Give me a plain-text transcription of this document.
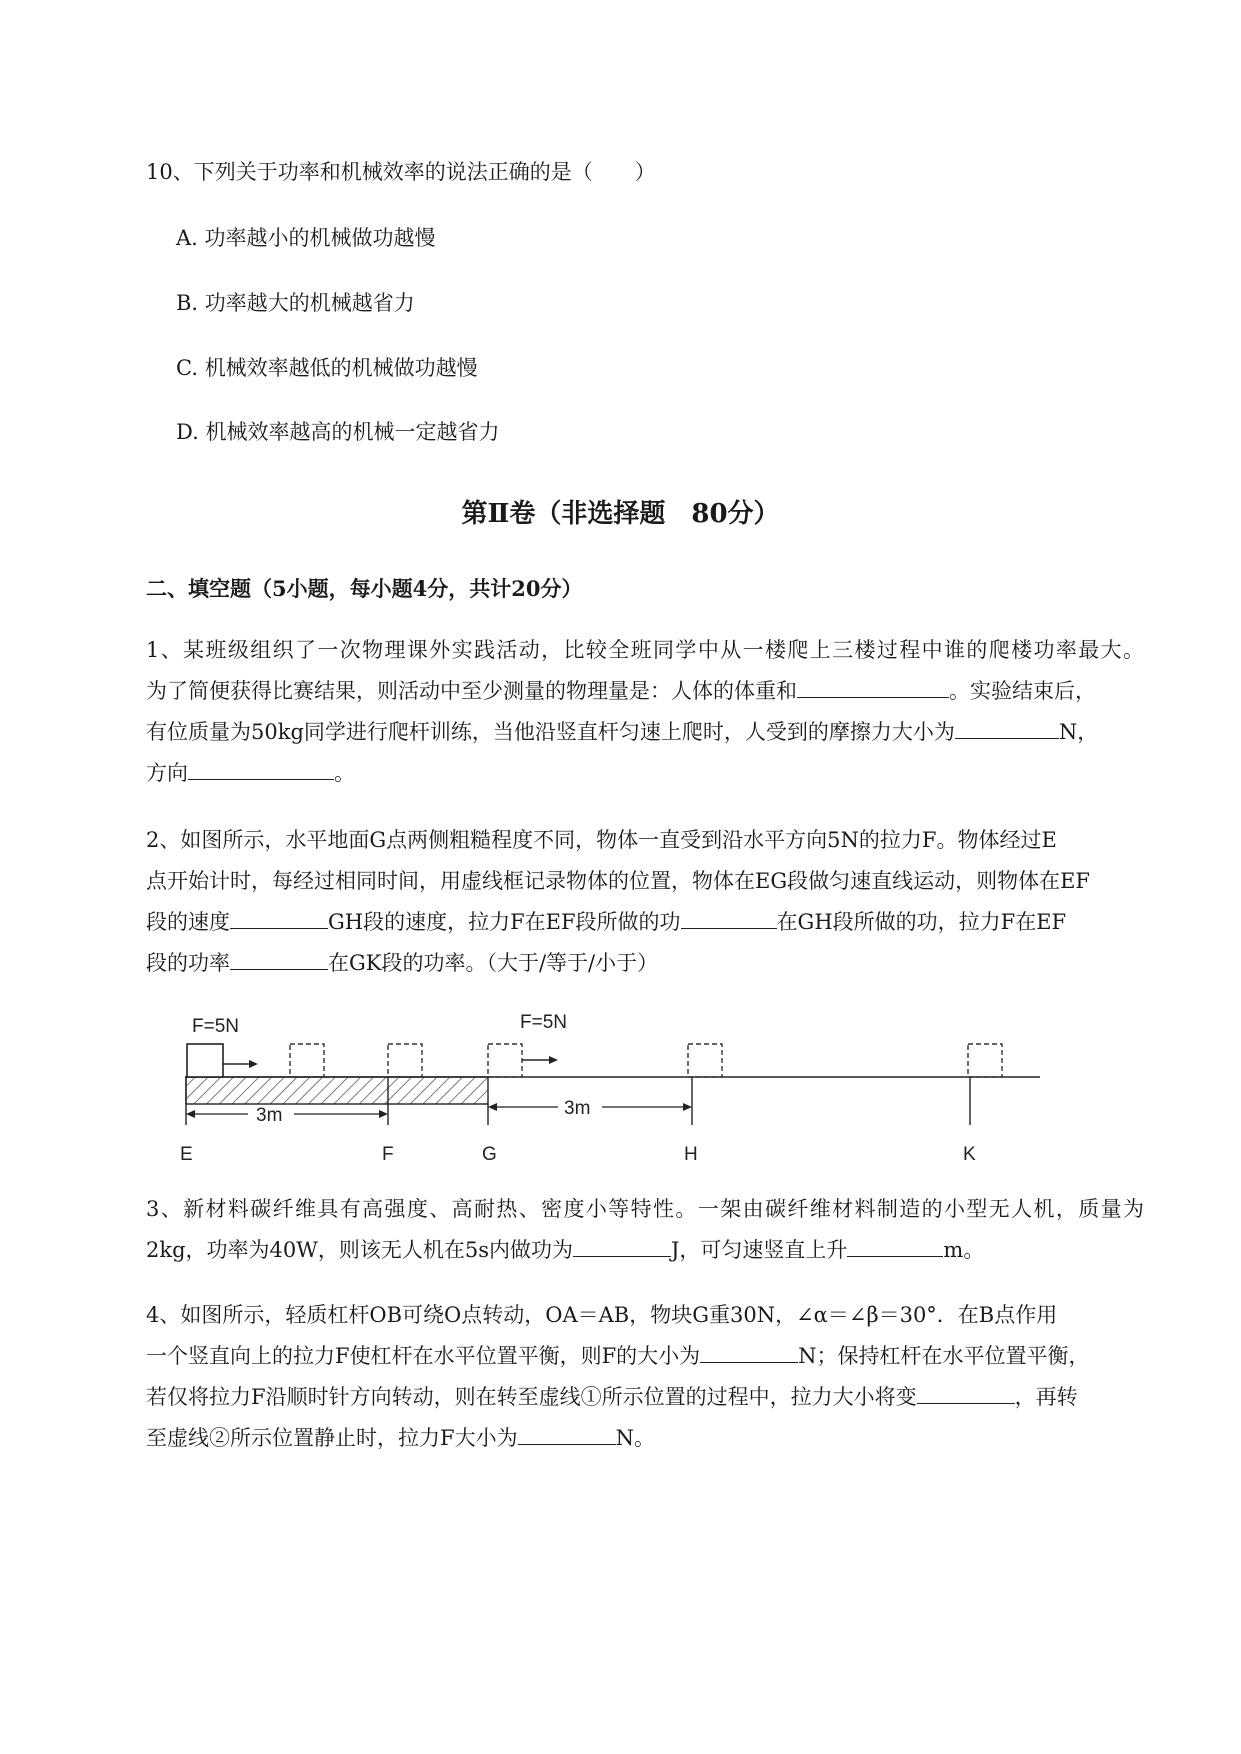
10、下列关于功率和机械效率的说法正确的是（　　）
A. 功率越小的机械做功越慢
B. 功率越大的机械越省力
C. 机械效率越低的机械做功越慢
D. 机械效率越高的机械一定越省力
第Ⅱ卷（非选择题　80分）
二、填空题（5小题，每小题4分，共计20分）
1、某班级组织了一次物理课外实践活动，比较全班同学中从一楼爬上三楼过程中谁的爬楼功率最大。
为了简便获得比赛结果，则活动中至少测量的物理量是：人体的体重和	。实验结束后，
有位质量为50kg同学进行爬杆训练，当他沿竖直杆匀速上爬时，人受到的摩擦力大小为	N，
方向	。
2、如图所示，水平地面G点两侧粗糙程度不同，物体一直受到沿水平方向5N的拉力F。物体经过E
点开始计时，每经过相同时间，用虚线框记录物体的位置，物体在EG段做匀速直线运动，则物体在EF
段的速度	GH段的速度，拉力F在EF段所做的功	在GH段所做的功，拉力F在EF
段的功率	在GK段的功率。（大于/等于/小于）
F=5N	F=5N
3m	3m
E	F	G	H	K
3、新材料碳纤维具有高强度、高耐热、密度小等特性。一架由碳纤维材料制造的小型无人机，质量为
2kg，功率为40W，则该无人机在5s内做功为	J，可匀速竖直上升	m。
4、如图所示，轻质杠杆OB可绕O点转动，OA＝AB，物块G重30N，∠α＝∠β＝30°．在B点作用
一个竖直向上的拉力F使杠杆在水平位置平衡，则F的大小为	N；保持杠杆在水平位置平衡，
若仅将拉力F沿顺时针方向转动，则在转至虚线①所示位置的过程中，拉力大小将变	，再转
至虚线②所示位置静止时，拉力F大小为	N。
